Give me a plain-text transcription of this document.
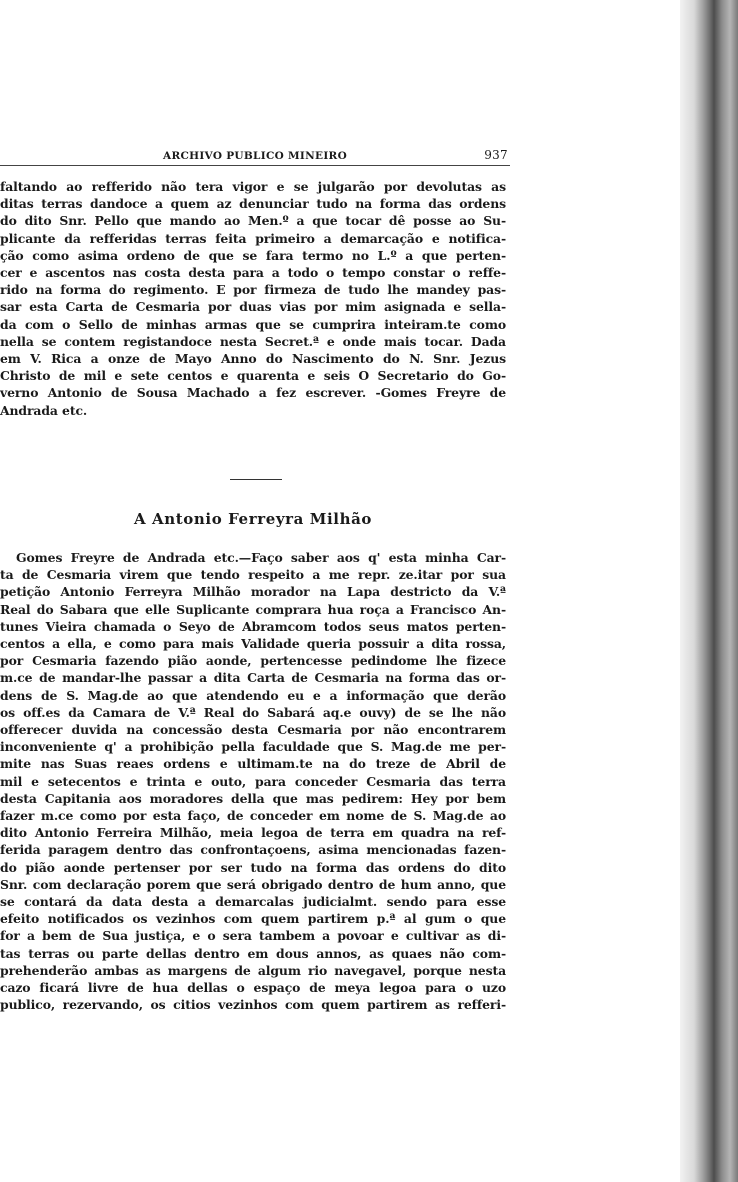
ARCHIVO PUBLICO MINEIRO	937
faltando ao refferido não tera vigor e se julgarão por devolutas as
ditas terras dandoce a quem az denunciar tudo na forma das ordens
do dito Snr. Pello que mando ao Men.º a que tocar dê posse ao Su-
plicante da refferidas terras feita primeiro a demarcação e notifica-
ção como asima ordeno de que se fara termo no L.º a que perten-
cer e ascentos nas costa desta para a todo o tempo constar o reffe-
rido na forma do regimento. E por firmeza de tudo lhe mandey pas-
sar esta Carta de Cesmaria por duas vias por mim asignada e sella-
da com o Sello de minhas armas que se cumprira inteiram.te como
nella se contem registandoce nesta Secret.ª e onde mais tocar. Dada
em V. Rica a onze de Mayo Anno do Nascimento do N. Snr. Jezus
Christo de mil e sete centos e quarenta e seis O Secretario do Go-
verno Antonio de Sousa Machado a fez escrever. -Gomes Freyre de
Andrada etc.
A Antonio Ferreyra Milhão
Gomes Freyre de Andrada etc.—Faço saber aos q' esta minha Car-
ta de Cesmaria virem que tendo respeito a me repr. ze.itar por sua
petição Antonio Ferreyra Milhão morador na Lapa destricto da V.ª
Real do Sabara que elle Suplicante comprara hua roça a Francisco An-
tunes Vieira chamada o Seyo de Abramcom todos seus matos perten-
centos a ella, e como para mais Validade queria possuir a dita rossa,
por Cesmaria fazendo pião aonde, pertencesse pedindome lhe fizece
m.ce de mandar-lhe passar a dita Carta de Cesmaria na forma das or-
dens de S. Mag.de ao que atendendo eu e a informação que derão
os off.es da Camara de V.ª Real do Sabará aq.e ouvy) de se lhe não
offerecer duvida na concessão desta Cesmaria por não encontrarem
inconveniente q' a prohibição pella faculdade que S. Mag.de me per-
mite nas Suas reaes ordens e ultimam.te na do treze de Abril de
mil e setecentos e trinta e outo, para conceder Cesmaria das terra
desta Capitania aos moradores della que mas pedirem: Hey por bem
fazer m.ce como por esta faço, de conceder em nome de S. Mag.de ao
dito Antonio Ferreira Milhão, meia legoa de terra em quadra na ref-
ferida paragem dentro das confrontaçoens, asima mencionadas fazen-
do pião aonde pertenser por ser tudo na forma das ordens do dito
Snr. com declaração porem que será obrigado dentro de hum anno, que
se contará da data desta a demarcalas judicialmt. sendo para esse
efeito notificados os vezinhos com quem partirem p.ª al gum o que
for a bem de Sua justiça, e o sera tambem a povoar e cultivar as di-
tas terras ou parte dellas dentro em dous annos, as quaes não com-
prehenderão ambas as margens de algum rio navegavel, porque nesta
cazo ficará livre de hua dellas o espaço de meya legoa para o uzo
publico, rezervando, os citios vezinhos com quem partirem as refferi-
